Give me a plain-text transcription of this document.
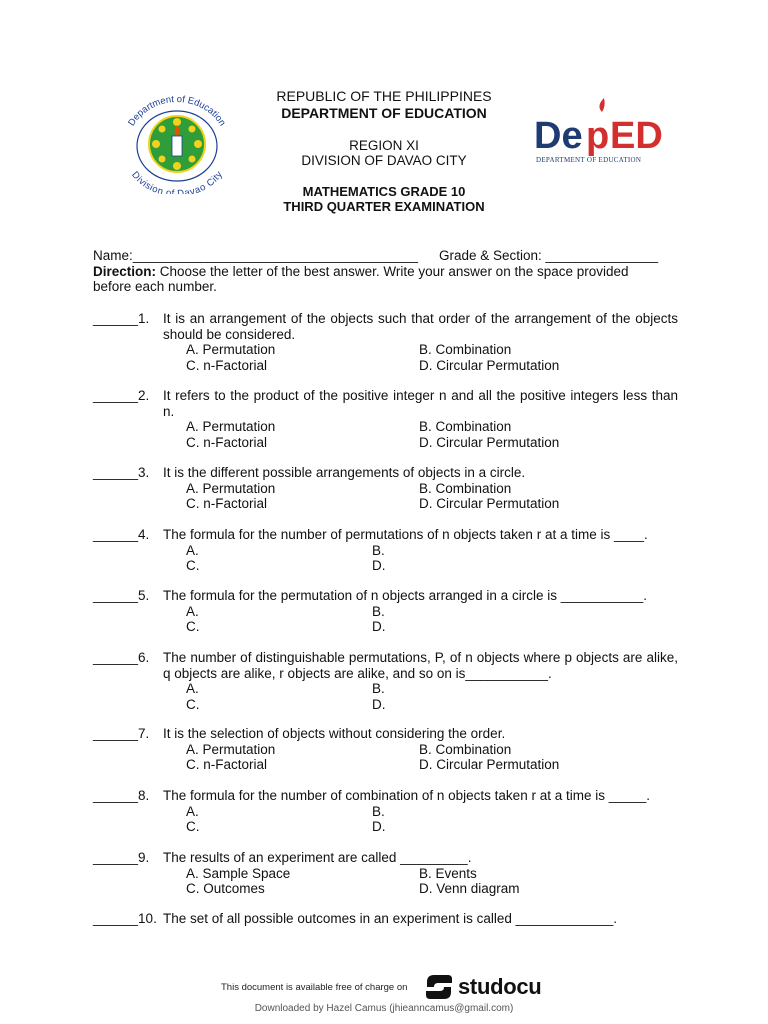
Department of Education
Division of Davao City
De p ED
DEPARTMENT OF EDUCATION
REPUBLIC OF THE PHILIPPINES
DEPARTMENT OF EDUCATION
REGION XI
DIVISION OF DAVAO CITY
MATHEMATICS GRADE 10
THIRD QUARTER EXAMINATION
Name:______________________________________ Grade & Section: _______________
Direction: Choose the letter of the best answer. Write your answer on the space provided
before each number.
______1.	It is an arrangement of the objects such that order of the arrangement of the objects should be considered.
A. Permutation	B. Combination
C. n-Factorial	D. Circular Permutation
______2.	It refers to the product of the positive integer n and all the positive integers less than n.
A. Permutation	B. Combination
C. n-Factorial	D. Circular Permutation
______3.	It is the different possible arrangements of objects in a circle.
A. Permutation	B. Combination
C. n-Factorial	D. Circular Permutation
______4.	The formula for the number of permutations of n objects taken r at a time is ____.
A.	B.
C.	D.
______5.	The formula for the permutation of n objects arranged in a circle is ___________.
A.	B.
C.	D.
______6.	The number of distinguishable permutations, P, of n objects where p objects are alike, q objects are alike, r objects are alike, and so on is___________.
A.	B.
C.	D.
______7.	It is the selection of objects without considering the order.
A. Permutation	B. Combination
C. n-Factorial	D. Circular Permutation
______8.	The formula for the number of combination of n objects taken r at a time is _____.
A.	B.
C.	D.
______9.	The results of an experiment are called _________.
A. Sample Space	B. Events
C. Outcomes	D. Venn diagram
______10. The set of all possible outcomes in an experiment is called _____________.
This document is available free of charge on studocu
Downloaded by Hazel Camus (jhieanncamus@gmail.com)
